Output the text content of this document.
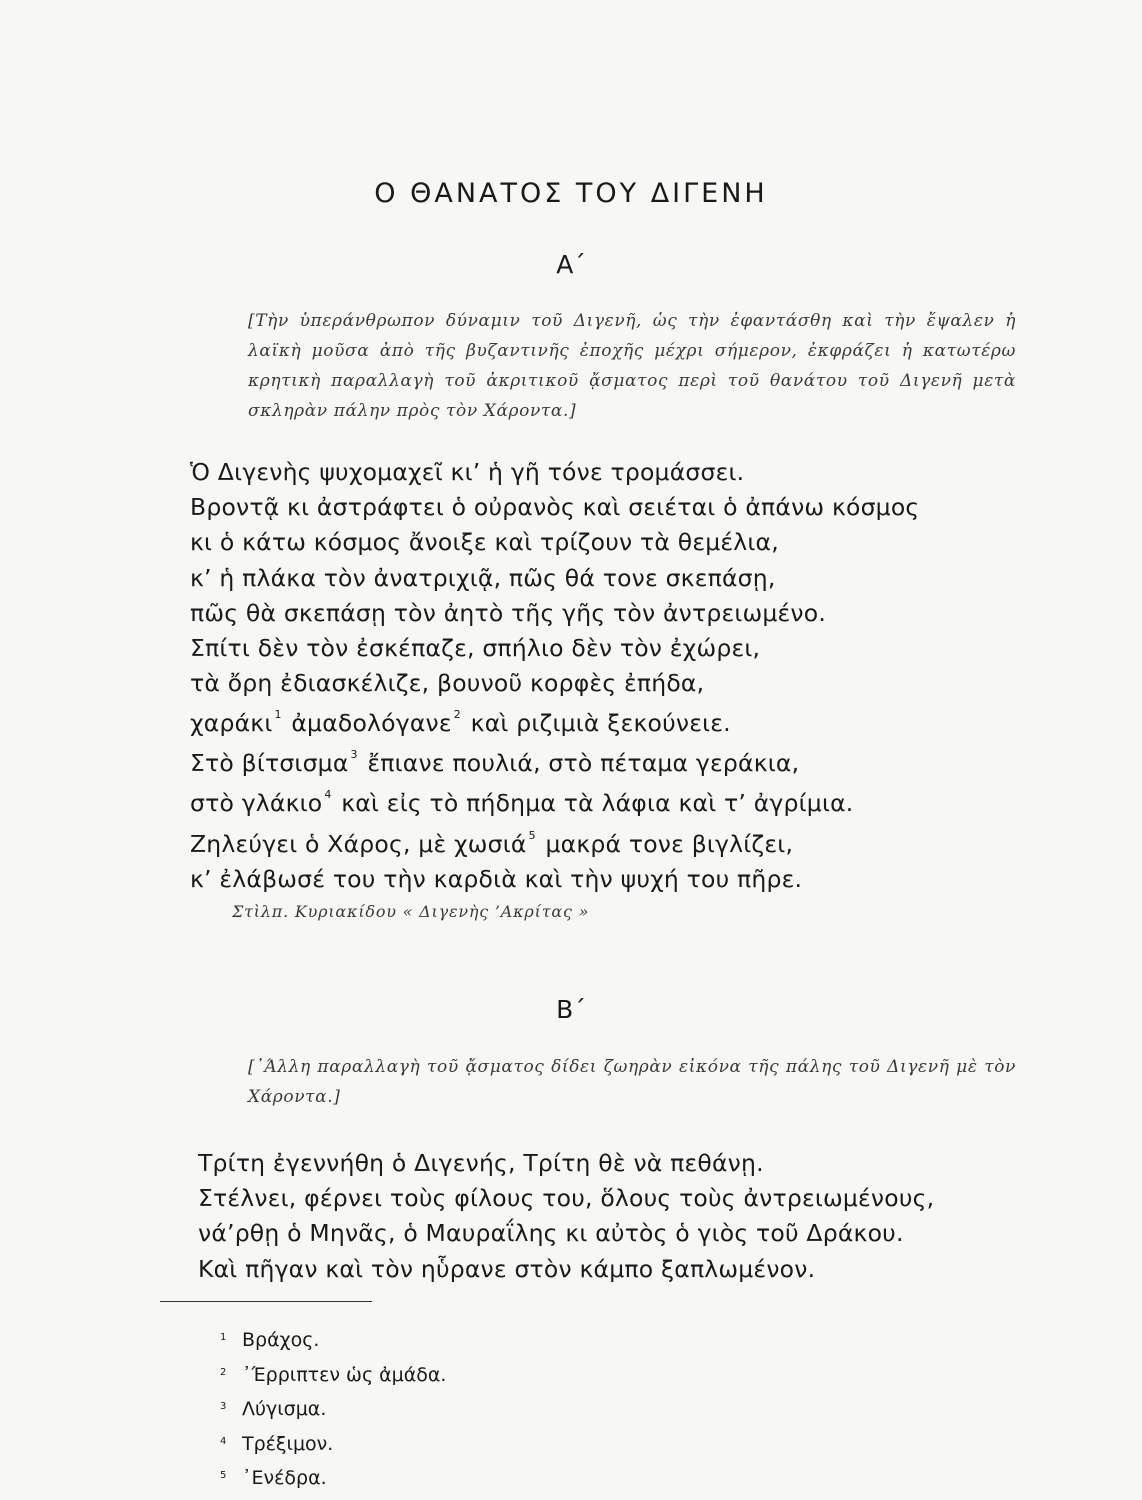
Ο ΘΑΝΑΤΟΣ ΤΟΥ ΔΙΓΕΝΗ
Α΄
[Τὴν ὑπεράνθρωπον δύναμιν τοῦ Διγενῆ, ὡς τὴν ἐφαντάσθη καὶ τὴν ἔψαλεν ἡ λαϊκὴ μοῦσα ἀπὸ τῆς βυζαντινῆς ἐποχῆς μέχρι σήμερον, ἐκφράζει ἡ κατωτέρω κρητικὴ παραλλαγὴ τοῦ ἀκριτικοῦ ᾄσματος περὶ τοῦ θανάτου τοῦ Διγενῆ μετὰ σκληρὰν πάλην πρὸς τὸν Χάροντα.]
Ὁ Διγενὴς ψυχομαχεῖ κι’ ἡ γῆ τόνε τρομάσσει.
Βροντᾷ κι ἀστράφτει ὁ οὐρανὸς καὶ σειέται ὁ ἀπάνω κόσμος
κι ὁ κάτω κόσμος ἄνοιξε καὶ τρίζουν τὰ θεμέλια,
κ’ ἡ πλάκα τὸν ἀνατριχιᾷ, πῶς θά τονε σκεπάσῃ,
πῶς θὰ σκεπάσῃ τὸν ἀητὸ τῆς γῆς τὸν ἀντρειωμένο.
Σπίτι δὲν τὸν ἐσκέπαζε, σπήλιο δὲν τὸν ἐχώρει,
τὰ ὄρη ἐδιασκέλιζε, βουνοῦ κορφὲς ἐπήδα,
χαράκι $^1$ ἀμαδολόγανε $^2$ καὶ ριζιμιὰ ξεκούνειε.
Στὸ βίτσισμα $^3$ ἔπιανε πουλιά, στὸ πέταμα γεράκια,
στὸ γλάκιο $^4$ καὶ εἰς τὸ πήδημα τὰ λάφια καὶ τ’ ἀγρίμια.
Ζηλεύγει ὁ Χάρος, μὲ χωσιά $^5$ μακρά τονε βιγλίζει,
κ’ ἐλάβωσέ του τὴν καρδιὰ καὶ τὴν ψυχή του πῆρε.
Στὶλπ. Κυριακίδου « Διγενὴς ’Ακρίτας »
Β΄
[᾿Άλλη παραλλαγὴ τοῦ ᾄσματος δίδει ζωηρὰν εἰκόνα τῆς πάλης τοῦ Διγενῆ μὲ τὸν Χάροντα.]
Τρίτη ἐγεννήθη ὁ Διγενής, Τρίτη θὲ νὰ πεθάνῃ.
Στέλνει, φέρνει τοὺς φίλους του, ὅλους τοὺς ἀντρειωμένους,
νά’ρθῃ ὁ Μηνᾶς, ὁ Μαυραΐλης κι αὐτὸς ὁ γιὸς τοῦ Δράκου.
Καὶ πῆγαν καὶ τὸν ηὗρανε στὸν κάμπο ξαπλωμένον.
1 Βράχος.
2 ᾿Έρριπτεν ὡς ἀμάδα.
3 Λύγισμα.
4 Τρέξιμον.
5 ᾿Ενέδρα.
